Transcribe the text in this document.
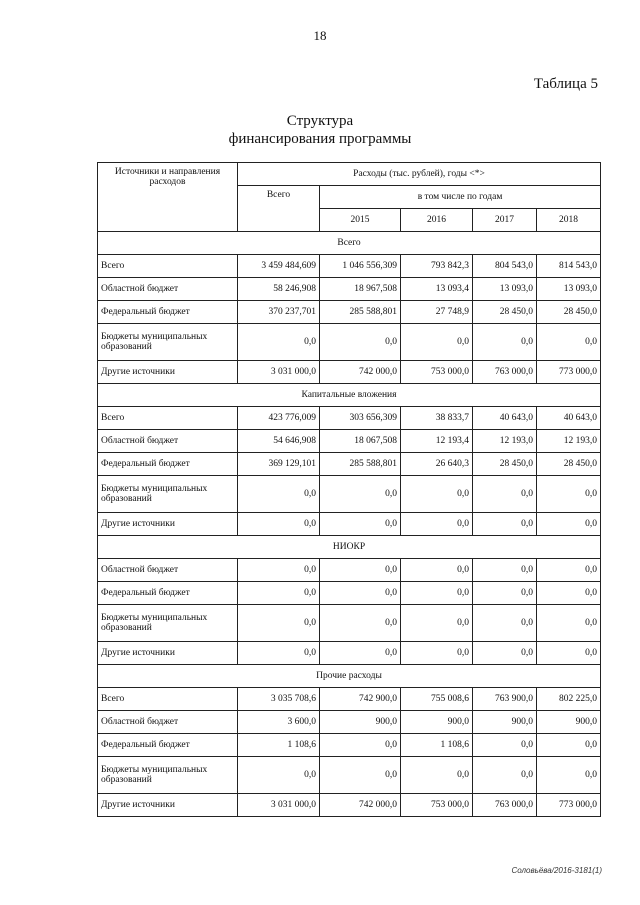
18
Таблица 5
Структура
финансирования программы
Источники и направления расходов	Расходы (тыс. рублей), годы <*>				
	Всего	в том числе по годам			
		2015	2016	2017	2018
Всего					
Всего	3 459 484,609	1 046 556,309	793 842,3	804 543,0	814 543,0
Областной бюджет	58 246,908	18 967,508	13 093,4	13 093,0	13 093,0
Федеральный бюджет	370 237,701	285 588,801	27 748,9	28 450,0	28 450,0
Бюджеты муниципальных образований	0,0	0,0	0,0	0,0	0,0
Другие источники	3 031 000,0	742 000,0	753 000,0	763 000,0	773 000,0
Капитальные вложения					
Всего	423 776,009	303 656,309	38 833,7	40 643,0	40 643,0
Областной бюджет	54 646,908	18 067,508	12 193,4	12 193,0	12 193,0
Федеральный бюджет	369 129,101	285 588,801	26 640,3	28 450,0	28 450,0
Бюджеты муниципальных образований	0,0	0,0	0,0	0,0	0,0
Другие источники	0,0	0,0	0,0	0,0	0,0
НИОКР					
Областной бюджет	0,0	0,0	0,0	0,0	0,0
Федеральный бюджет	0,0	0,0	0,0	0,0	0,0
Бюджеты муниципальных образований	0,0	0,0	0,0	0,0	0,0
Другие источники	0,0	0,0	0,0	0,0	0,0
Прочие расходы					
Всего	3 035 708,6	742 900,0	755 008,6	763 900,0	802 225,0
Областной бюджет	3 600,0	900,0	900,0	900,0	900,0
Федеральный бюджет	1 108,6	0,0	1 108,6	0,0	0,0
Бюджеты муниципальных образований	0,0	0,0	0,0	0,0	0,0
Другие источники	3 031 000,0	742 000,0	753 000,0	763 000,0	773 000,0
Соловьёва/2016-3181(1)
